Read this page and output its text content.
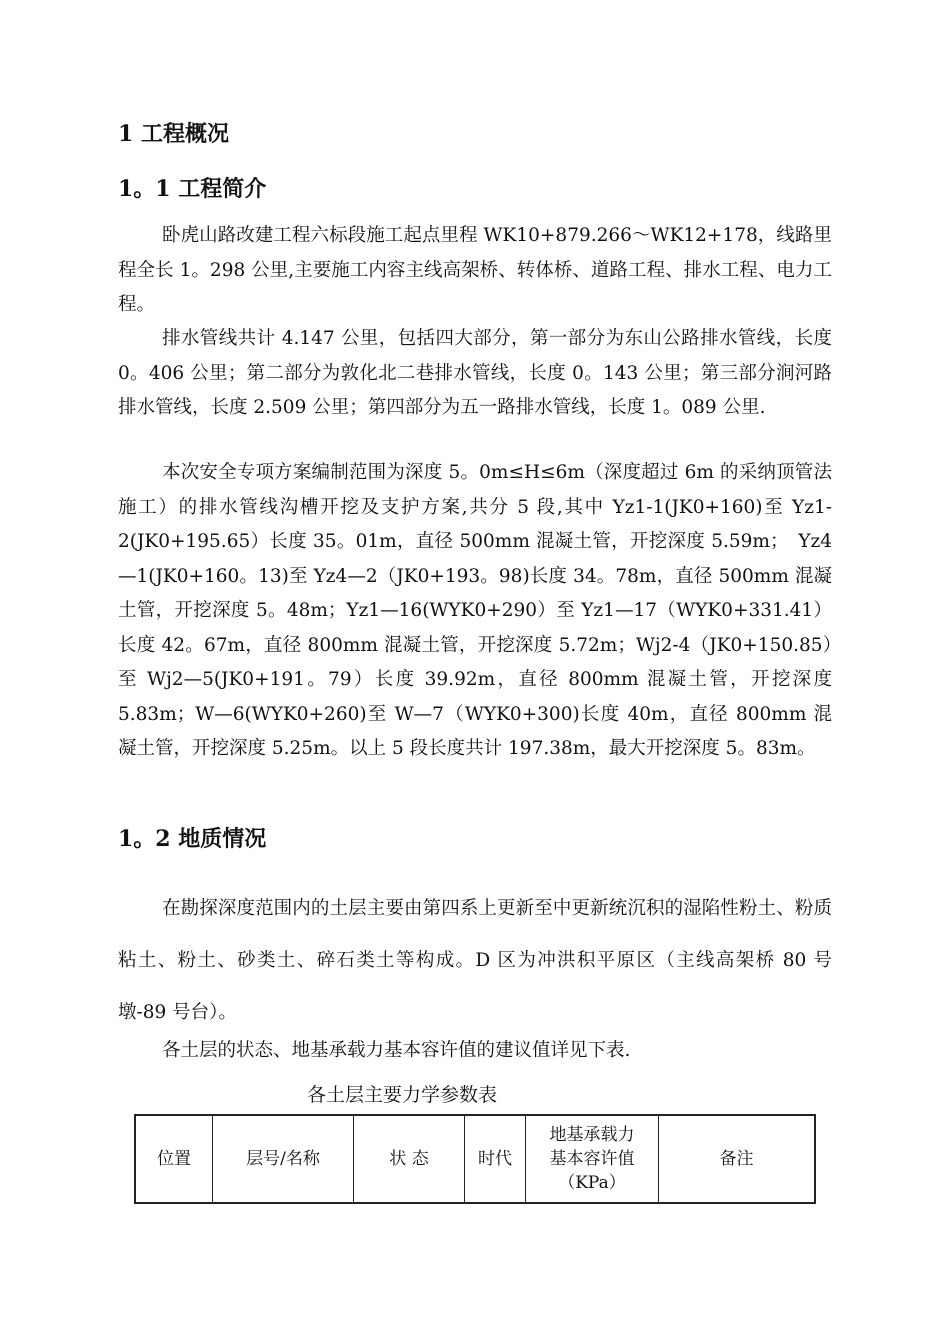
1 工程概况
1。1 工程简介

卧虎山路改建工程六标段施工起点里程 WK10+879.266～WK12+178，线路里程全长 1。298 公里,主要施工内容主线高架桥、转体桥、道路工程、排水工程、电力工程。

排水管线共计 4.147 公里，包括四大部分，第一部分为东山公路排水管线，长度 0。406 公里；第二部分为敦化北二巷排水管线，长度 0。143 公里；第三部分涧河路排水管线，长度 2.509 公里；第四部分为五一路排水管线，长度 1。089 公里.

本次安全专项方案编制范围为深度 5。0m≤H≤6m（深度超过 6m 的采纳顶管法施工）的排水管线沟槽开挖及支护方案,共分 5 段,其中 Yz1-1(JK0+160)至 Yz1-2(JK0+195.65）长度 35。01m，直径 500mm 混凝土管，开挖深度 5.59m；　Yz4—1(JK0+160。13)至 Yz4—2（JK0+193。98)长度 34。78m，直径 500mm 混凝土管，开挖深度 5。48m；Yz1—16(WYK0+290）至 Yz1—17（WYK0+331.41）长度 42。67m，直径 800mm 混凝土管，开挖深度 5.72m；Wj2-4（JK0+150.85）至 Wj2—5(JK0+191。79）长度 39.92m，直径 800mm 混凝土管，开挖深度 5.83m；W—6(WYK0+260)至 W—7（WYK0+300)长度 40m，直径 800mm 混凝土管，开挖深度 5.25m。以上 5 段长度共计 197.38m，最大开挖深度 5。83m。

1。2 地质情况

在勘探深度范围内的土层主要由第四系上更新至中更新统沉积的湿陷性粉土、粉质粘土、粉土、砂类土、碎石类土等构成。D 区为冲洪积平原区（主线高架桥 80 号墩-89 号台）。

各土层的状态、地基承载力基本容许值的建议值详见下表.

各土层主要力学参数表
位置	层号/名称	状 态	时代	地基承载力
基本容许值
（KPa）	备注
